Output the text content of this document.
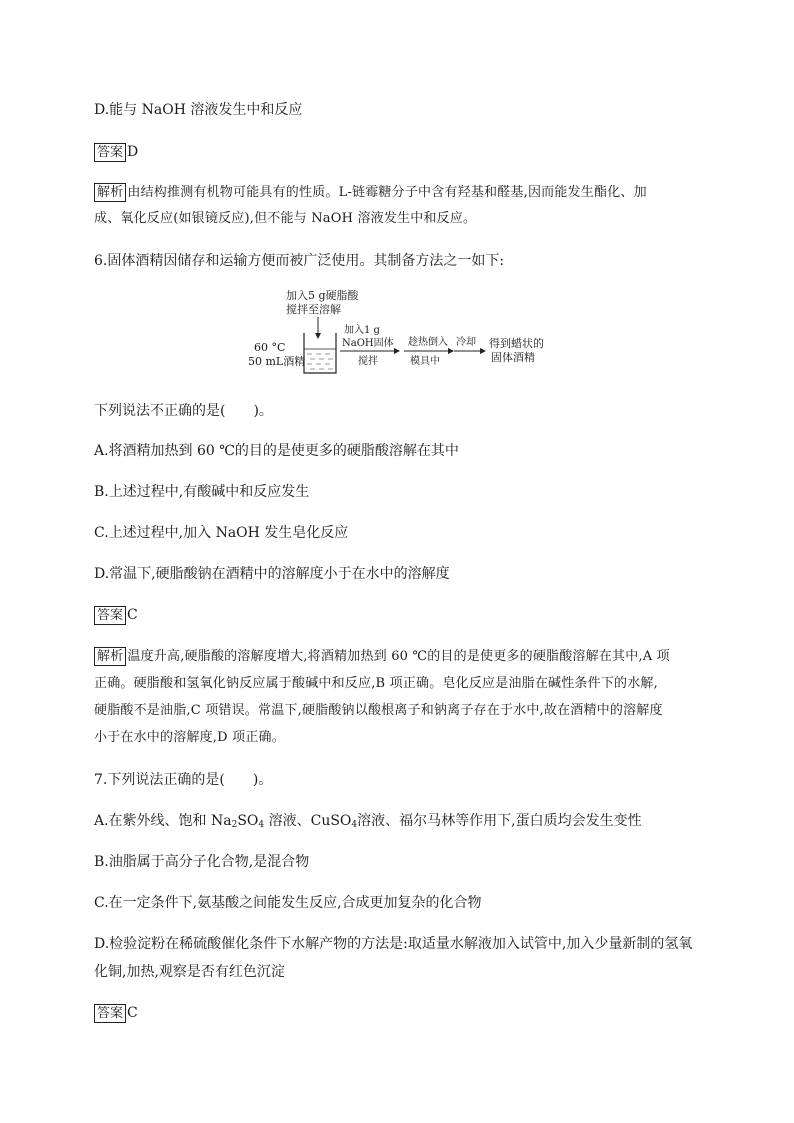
D.能与 NaOH 溶液发生中和反应
答案 D
解析 由结构推测有机物可能具有的性质。L-链霉糖分子中含有羟基和醛基,因而能发生酯化、加
成、氧化反应(如银镜反应),但不能与 NaOH 溶液发生中和反应。
6.固体酒精因储存和运输方便而被广泛使用。其制备方法之一如下:
加入5 g硬脂酸
搅拌至溶解
60 °C
50 mL酒精
加入1 g
NaOH固体
搅拌
趁热倒入
模具中
冷却 得到蜡状的
固体酒精
下列说法不正确的是(　　)。
A.将酒精加热到 60 ℃的目的是使更多的硬脂酸溶解在其中
B.上述过程中,有酸碱中和反应发生
C.上述过程中,加入 NaOH 发生皂化反应
D.常温下,硬脂酸钠在酒精中的溶解度小于在水中的溶解度
答案 C
解析 温度升高,硬脂酸的溶解度增大,将酒精加热到 60 ℃的目的是使更多的硬脂酸溶解在其中,A 项
正确。硬脂酸和氢氧化钠反应属于酸碱中和反应,B 项正确。皂化反应是油脂在碱性条件下的水解,
硬脂酸不是油脂,C 项错误。常温下,硬脂酸钠以酸根离子和钠离子存在于水中,故在酒精中的溶解度
小于在水中的溶解度,D 项正确。
7.下列说法正确的是(　　)。
A.在紫外线、饱和 $Na_2SO_4$ 溶液、CuSO$_4$溶液、福尔马林等作用下,蛋白质均会发生变性
B.油脂属于高分子化合物,是混合物
C.在一定条件下,氨基酸之间能发生反应,合成更加复杂的化合物
D.检验淀粉在稀硫酸催化条件下水解产物的方法是:取适量水解液加入试管中,加入少量新制的氢氧
化铜,加热,观察是否有红色沉淀
答案 C
